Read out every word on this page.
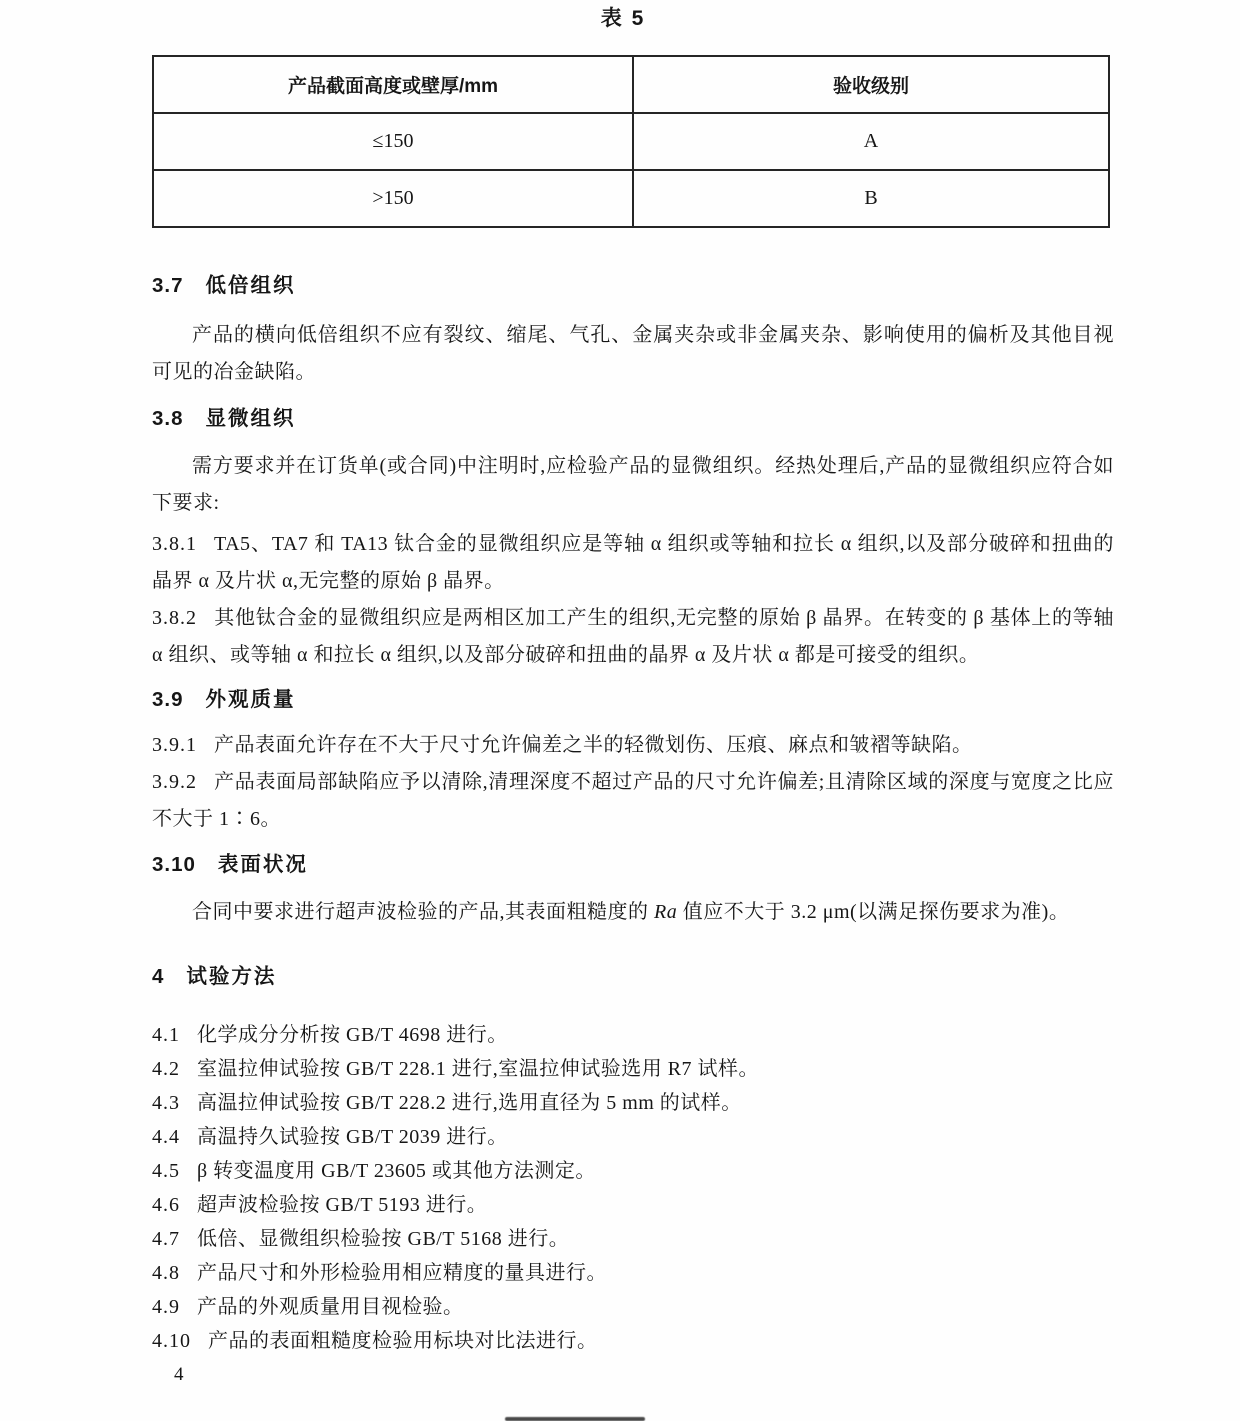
表 5
产品截面高度或壁厚/mm	验收级别
≤150	A
>150	B
3.7 低倍组织

产品的横向低倍组织不应有裂纹、缩尾、气孔、金属夹杂或非金属夹杂、影响使用的偏析及其他目视可见的冶金缺陷。

3.8 显微组织

需方要求并在订货单(或合同)中注明时,应检验产品的显微组织。经热处理后,产品的显微组织应符合如下要求:

3.8.1 TA5、TA7 和 TA13 钛合金的显微组织应是等轴 α 组织或等轴和拉长 α 组织,以及部分破碎和扭曲的晶界 α 及片状 α,无完整的原始 β 晶界。

3.8.2 其他钛合金的显微组织应是两相区加工产生的组织,无完整的原始 β 晶界。在转变的 β 基体上的等轴 α 组织、或等轴 α 和拉长 α 组织,以及部分破碎和扭曲的晶界 α 及片状 α 都是可接受的组织。

3.9 外观质量

3.9.1 产品表面允许存在不大于尺寸允许偏差之半的轻微划伤、压痕、麻点和皱褶等缺陷。

3.9.2 产品表面局部缺陷应予以清除,清理深度不超过产品的尺寸允许偏差;且清除区域的深度与宽度之比应不大于 1∶6。

3.10 表面状况

合同中要求进行超声波检验的产品,其表面粗糙度的 Ra 值应不大于 3.2 μm(以满足探伤要求为准)。

4 试验方法

4.1 化学成分分析按 GB/T 4698 进行。

4.2 室温拉伸试验按 GB/T 228.1 进行,室温拉伸试验选用 R7 试样。

4.3 高温拉伸试验按 GB/T 228.2 进行,选用直径为 5 mm 的试样。

4.4 高温持久试验按 GB/T 2039 进行。

4.5 β 转变温度用 GB/T 23605 或其他方法测定。

4.6 超声波检验按 GB/T 5193 进行。

4.7 低倍、显微组织检验按 GB/T 5168 进行。

4.8 产品尺寸和外形检验用相应精度的量具进行。

4.9 产品的外观质量用目视检验。

4.10 产品的表面粗糙度检验用标块对比法进行。

4
